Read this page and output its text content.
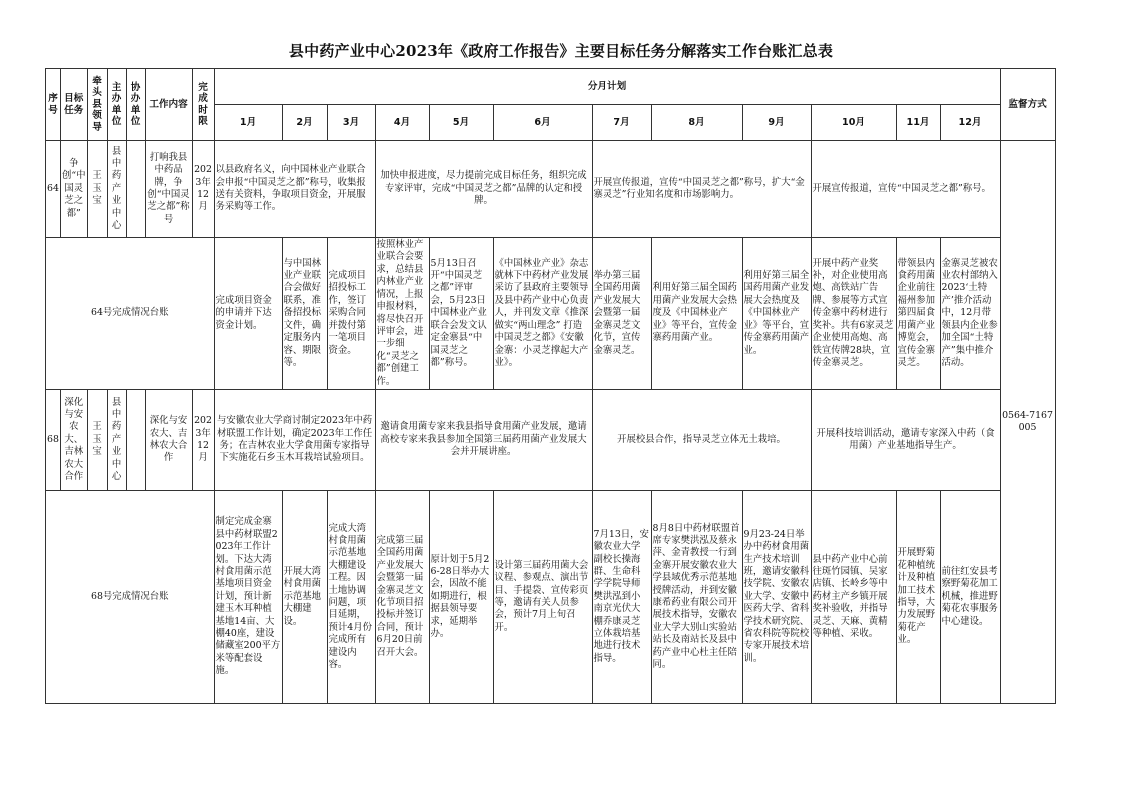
县中药产业中心2023年《政府工作报告》主要目标任务分解落实工作台账汇总表
序号	目标任务	牵头县领导	主办单位	协办单位	工作内容	完成时限	分月计划												监督方式
							1月	2月	3月	4月	5月	6月	7月	8月	9月	10月	11月	12月	
64	争创“中国灵芝之都”	王玉宝	县中药产业中心		打响我县中药品牌，争创“中国灵芝之都”称号	2023年12月	以县政府名义，向中国林业产业联合会申报“中国灵芝之都”称号，收集报送有关资料，争取项目资金，开展服务采购等工作。			加快申报进度，尽力提前完成目标任务，组织完成专家评审，完成“中国灵芝之都”品牌的认定和授牌。			开展宣传报道，宣传“中国灵芝之都”称号，扩大“金寨灵芝”行业知名度和市场影响力。			开展宣传报道，宣传“中国灵芝之都”称号。			0564-7167005
64号完成情况台账							完成项目资金的申请并下达资金计划。	与中国林业产业联合会做好联系，准备招投标文件，确定服务内容、期限等。	完成项目招投标工作，签订采购合同并拨付第一笔项目资金。	按照林业产业联合会要求，总结县内林业产业情况，上报申报材料，将尽快召开评审会，进一步细化“灵芝之都”创建工作。	5月13日召开“中国灵芝之都”评审会，5月23日中国林业产业联合会发文认定金寨县“中国灵芝之都”称号。	《中国林业产业》杂志就林下中药材产业发展采访了县政府主要领导及县中药产业中心负责人，并刊发文章《推深做实“两山理念” 打造中国灵芝之都》《安徽金寨：小灵芝撑起大产业》。	举办第三届全国药用菌产业发展大会暨第一届金寨灵芝文化节，宣传金寨灵芝。	利用好第三届全国药用菌产业发展大会热度及《中国林业产业》等平台，宣传金寨药用菌产业。	利用好第三届全国药用菌产业发展大会热度及《中国林业产业》等平台，宣传金寨药用菌产业。	开展中药产业奖补，对企业使用高炮、高铁站广告牌、参展等方式宣传金寨中药材进行奖补。共有6家灵芝企业使用高炮、高铁宣传牌28块，宣传金寨灵芝。	带领县内食药用菌企业前往福州参加第四届食用菌产业博览会，宣传金寨灵芝。	金寨灵芝被农业农村部纳入2023‘土特产’推介活动中，12月带领县内企业参加全国“土特产”集中推介活动。	
68	深化与安农大、吉林农大合作	王玉宝	县中药产业中心		深化与安农大、吉林农大合作	2023年12月	与安徽农业大学商讨制定2023年中药材联盟工作计划，确定2023年工作任务；在吉林农业大学食用菌专家指导下实施花石乡玉木耳栽培试验项目。			邀请食用菌专家来我县指导食用菌产业发展，邀请高校专家来我县参加全国第三届药用菌产业发展大会并开展讲座。			开展校县合作，指导灵芝立体无土栽培。			开展科技培训活动，邀请专家深入中药（食用菌）产业基地指导生产。			
68号完成情况台账							制定完成金寨县中药材联盟2023年工作计划。下达大湾村食用菌示范基地项目资金计划，预计新建玉木耳种植基地14亩、大棚40座，建设储藏室200平方米等配套设施。	开展大湾村食用菌示范基地大棚建设。	完成大湾村食用菌示范基地大棚建设工程。因土地协调问题，项目延期，预计4月份完成所有建设内容。	完成第三届全国药用菌产业发展大会暨第一届金寨灵芝文化节项目招投标并签订合同，预计6月20日前召开大会。	原计划于5月26-28日举办大会，因故不能如期进行，根据县领导要求，延期举办。	设计第三届药用菌大会议程、参观点、演出节目、手提袋、宣传彩页等，邀请有关人员参会，预计7月上旬召开。	7月13日，安徽农业大学副校长操海群、生命科学学院导师樊洪泓到小南京光伏大棚乔康灵芝立体栽培基地进行技术指导。	8月8日中药材联盟首席专家樊洪泓及蔡永萍、金青教授一行到金寨开展安徽农业大学县域优秀示范基地授牌活动，并到安徽康希药业有限公司开展技术指导，安徽农业大学大别山实验站站长及南站长及县中药产业中心杜主任陪同。	9月23-24日举办中药材食用菌生产技术培训班，邀请安徽科技学院、安徽农业大学、安徽中医药大学、省科学技术研究院、省农科院等院校专家开展技术培训。	县中药产业中心前往斑竹园镇、吴家店镇、长岭乡等中药材主产乡镇开展奖补验收，并指导灵芝、天麻、黄精等种植、采收。	开展野菊花种植统计及种植加工技术指导，大力发展野菊花产业。	前往红安县考察野菊花加工机械，推进野菊花农事服务中心建设。	
